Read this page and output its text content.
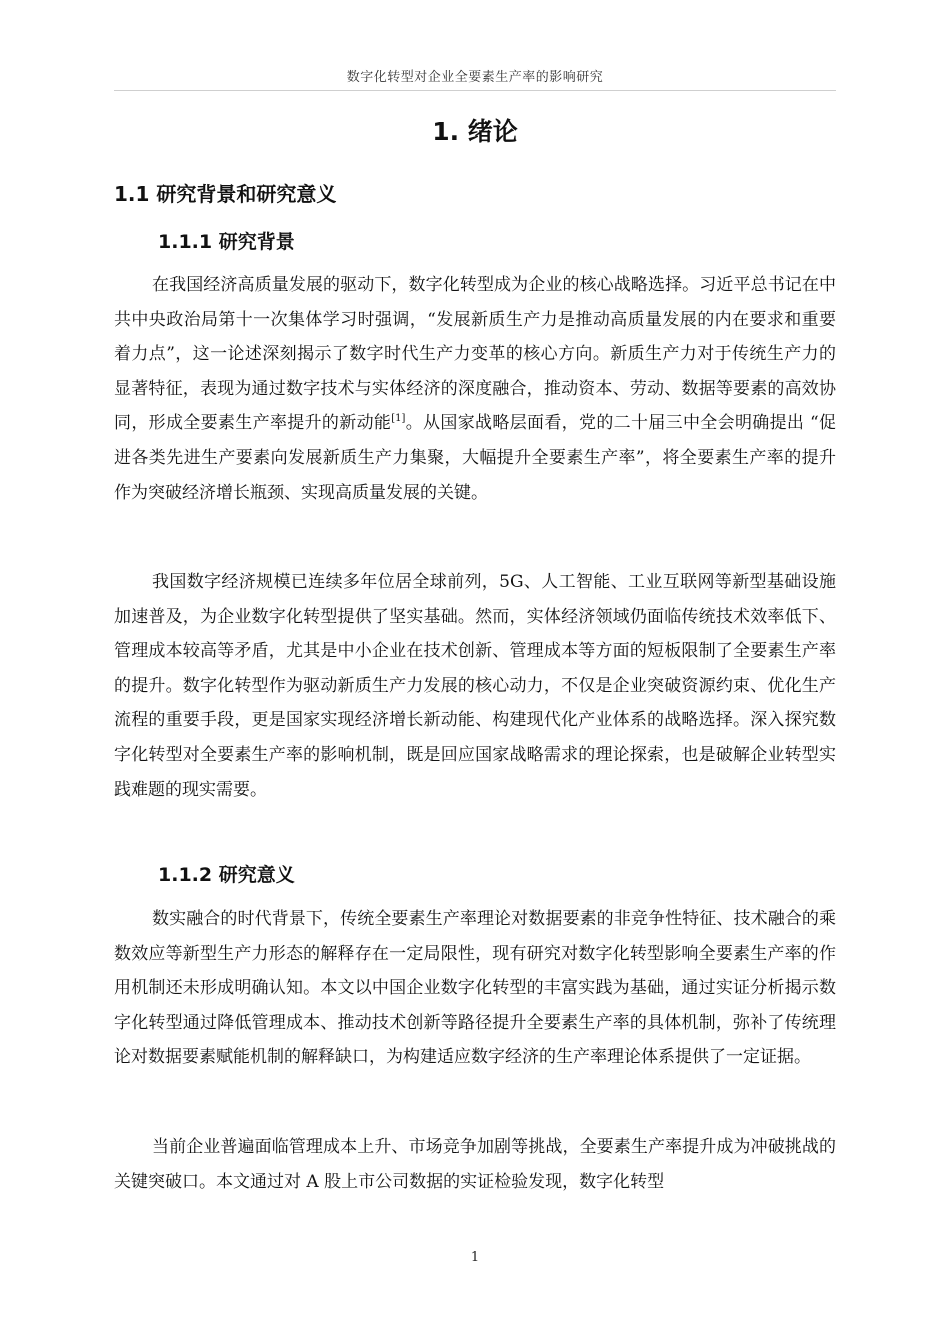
数字化转型对企业全要素生产率的影响研究
1. 绪论
1.1 研究背景和研究意义
1.1.1 研究背景

在我国经济高质量发展的驱动下，数字化转型成为企业的核心战略选择。习近平总书记在中共中央政治局第十一次集体学习时强调，“发展新质生产力是推动高质量发展的内在要求和重要着力点”，这一论述深刻揭示了数字时代生产力变革的核心方向。新质生产力对于传统生产力的显著特征，表现为通过数字技术与实体经济的深度融合，推动资本、劳动、数据等要素的高效协同，形成全要素生产率提升的新动能[1]。从国家战略层面看，党的二十届三中全会明确提出 “促进各类先进生产要素向发展新质生产力集聚，大幅提升全要素生产率”，将全要素生产率的提升作为突破经济增长瓶颈、实现高质量发展的关键。

我国数字经济规模已连续多年位居全球前列，5G、人工智能、工业互联网等新型基础设施加速普及，为企业数字化转型提供了坚实基础。然而，实体经济领域仍面临传统技术效率低下、管理成本较高等矛盾，尤其是中小企业在技术创新、管理成本等方面的短板限制了全要素生产率的提升。数字化转型作为驱动新质生产力发展的核心动力，不仅是企业突破资源约束、优化生产流程的重要手段，更是国家实现经济增长新动能、构建现代化产业体系的战略选择。深入探究数字化转型对全要素生产率的影响机制，既是回应国家战略需求的理论探索，也是破解企业转型实践难题的现实需要。

1.1.2 研究意义

数实融合的时代背景下，传统全要素生产率理论对数据要素的非竞争性特征、技术融合的乘数效应等新型生产力形态的解释存在一定局限性，现有研究对数字化转型影响全要素生产率的作用机制还未形成明确认知。本文以中国企业数字化转型的丰富实践为基础，通过实证分析揭示数字化转型通过降低管理成本、推动技术创新等路径提升全要素生产率的具体机制，弥补了传统理论对数据要素赋能机制的解释缺口，为构建适应数字经济的生产率理论体系提供了一定证据。

当前企业普遍面临管理成本上升、市场竞争加剧等挑战，全要素生产率提升成为冲破挑战的关键突破口。本文通过对 A 股上市公司数据的实证检验发现，数字化转型

1
